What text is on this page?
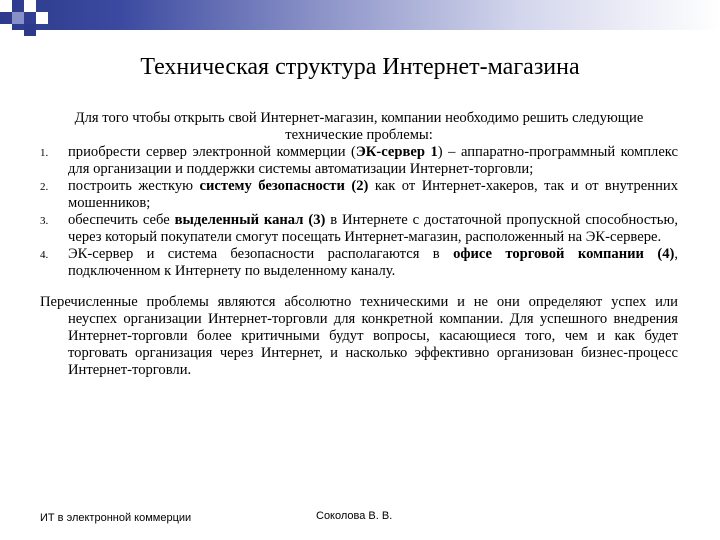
Техническая структура Интернет-магазина
Для того чтобы открыть свой Интернет-магазин, компании необходимо решить следующие технические проблемы:
1.	приобрести сервер электронной коммерции (ЭК-сервер 1) – аппаратно-программный комплекс для организации и поддержки системы автоматизации Интернет-торговли;
2.	построить жесткую систему безопасности (2) как от Интернет-хакеров, так и от внутренних мошенников;
3.	обеспечить себе выделенный канал (3) в Интернете с достаточной пропускной способностью, через который покупатели смогут посещать Интернет-магазин, расположенный на ЭК-сервере.
4.	ЭК-сервер и система безопасности располагаются в офисе торговой компании (4), подключенном к Интернету по выделенному каналу.
Перечисленные проблемы являются абсолютно техническими и не они определяют успех или неуспех организации Интернет-торговли для конкретной компании. Для успешного внедрения Интернет-торговли более критичными будут вопросы, касающиеся того, чем и как будет торговать организация через Интернет, и насколько эффективно организован бизнес-процесс Интернет-торговли.
ИТ в электронной коммерции	Соколова В. В.
